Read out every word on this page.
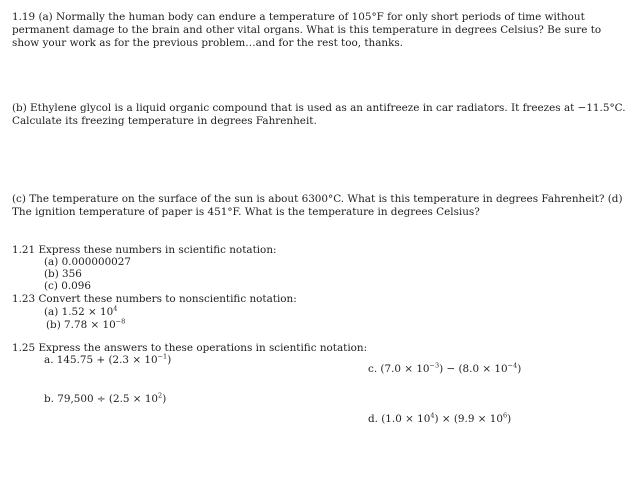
1.19 (a) Normally the human body can endure a temperature of 105°F for only short periods of time without permanent damage to the brain and other vital organs. What is this temperature in degrees Celsius? Be sure to show your work as for the previous problem…and for the rest too, thanks.

(b) Ethylene glycol is a liquid organic compound that is used as an antifreeze in car radiators. It freezes at −11.5°C. Calculate its freezing temperature in degrees Fahrenheit.

(c) The temperature on the surface of the sun is about 6300°C. What is this temperature in degrees Fahrenheit? (d) The ignition temperature of paper is 451°F. What is the temperature in degrees Celsius?

1.21 Express these numbers in scientific notation:
(a) 0.000000027
(b) 356
(c) 0.096
1.23 Convert these numbers to nonscientific notation:
(a) $1.52 \times 10^4$
(b) $7.78 \times 10^{-8}$
1.25 Express the answers to these operations in scientific notation:
a. $145.75 + (2.3 \times 10^{-1})$
b. $79,500 \div (2.5 \times 10^2)$
c. $(7.0 \times 10^{-3}) - (8.0 \times 10^{-4})$
d. $(1.0 \times 10^4) \times (9.9 \times 10^6)$
